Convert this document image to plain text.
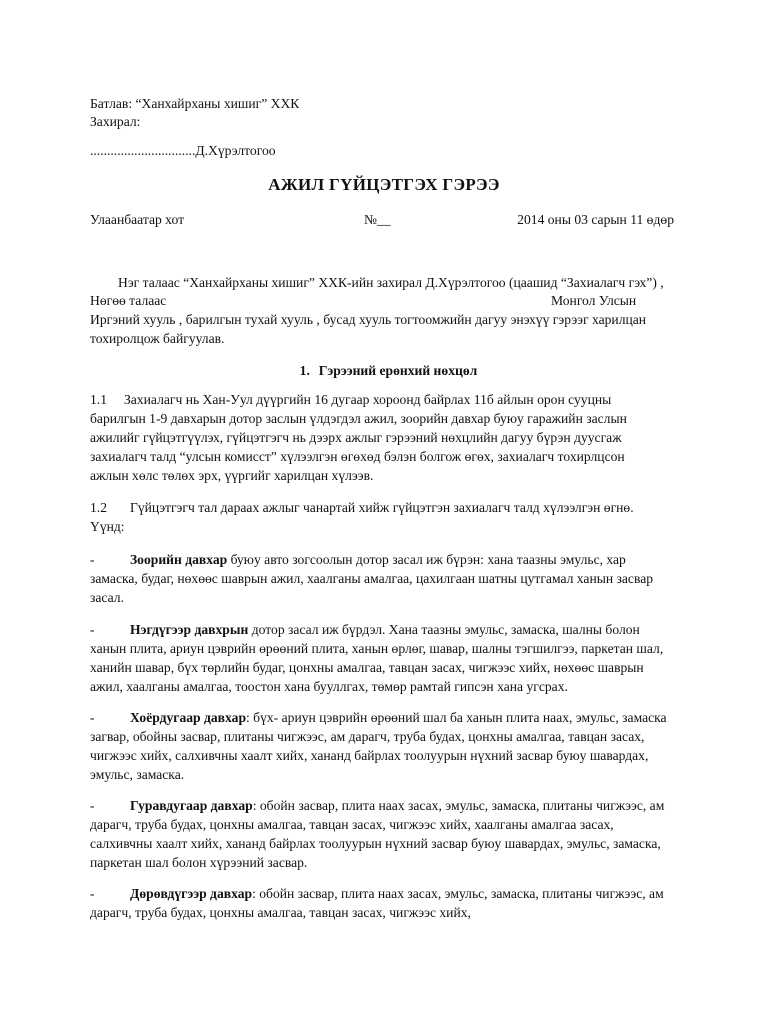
Батлав: “Ханхайрханы хишиг” ХХК
Захирал:
...............................Д.Хүрэлтогоо
АЖИЛ ГҮЙЦЭТГЭХ ГЭРЭЭ
Улаанбаатар хот	№__	2014 оны 03 сарын 11 өдөр
Нэг талаас “Ханхайрханы хишиг” ХХК-ийн захирал Д.Хүрэлтогоо (цаашид “Захиалагч гэх”) ,
Нөгөө талаас	Монгол Улсын
Иргэний хууль , барилгын тухай хууль , бусад хууль тогтоомжийн дагуу энэхүү гэрээг харилцан
тохиролцож байгуулав.
1. Гэрээний ерөнхий нөхцөл
1.1 Захиалагч нь Хан-Уул дүүргийн 16 дугаар хороонд байрлах 11б айлын орон сууцны
барилгын 1-9 давхарын дотор заслын үлдэгдэл ажил, зоорийн давхар буюу гаражийн заслын
ажилийг гүйцэтгүүлэх, гүйцэтгэгч нь дээрх ажлыг гэрээний нөхцлийн дагуу бүрэн дуусгаж
захиалагч талд “улсын комисст” хүлээлгэн өгөхөд бэлэн болгож өгөх, захиалагч тохирлцсон
ажлын хөлс төлөх эрх, үүргийг харилцан хүлээв.
1.2 Гүйцэтгэгч тал дараах ажлыг чанартай хийж гүйцэтгэн захиалагч талд хүлээлгэн өгнө.
Үүнд:
-	Зоорийн давхар буюу авто зогсоолын дотор засал иж бүрэн: хана таазны эмульс, хар
замаска, будаг, нөхөөс шаврын ажил, хаалганы амалгаа, цахилгаан шатны цутгамал ханын засвар
засал.
-	Нэгдүгээр давхрын дотор засал иж бүрдэл. Хана таазны эмульс, замаска, шалны болон
ханын плита, ариун цэврийн өрөөний плита, ханын өрлөг, шавар, шалны тэгшилгээ, паркетан шал,
ханийн шавар, бүх төрлийн будаг, цонхны амалгаа, тавцан засах, чигжээс хийх, нөхөөс шаврын
ажил, хаалганы амалгаа, тоостон хана бууллгах, төмөр рамтай гипсэн хана угсрах.
-	Хоёрдугаар давхар: бүх- ариун цэврийн өрөөний шал ба ханын плита наах, эмульс, замаска
загвар, обойны засвар, плитаны чигжээс, ам дарагч, труба будах, цонхны амалгаа, тавцан засах,
чигжээс хийх, салхивчны хаалт хийх, хананд байрлах тоолуурын нүхний засвар буюу шавардах,
эмульс, замаска.
-	Гуравдугаар давхар: обойн засвар, плита наах засах, эмульс, замаска, плитаны чигжээс, ам
дарагч, труба будах, цонхны амалгаа, тавцан засах, чигжээс хийх, хаалганы амалгаа засах,
салхивчны хаалт хийх, хананд байрлах тоолуурын нүхний засвар буюу шавардах, эмульс, замаска,
паркетан шал болон хүрээний засвар.
-	Дөрөвдүгээр давхар: обойн засвар, плита наах засах, эмульс, замаска, плитаны чигжээс, ам
дарагч, труба будах, цонхны амалгаа, тавцан засах, чигжээс хийх,
